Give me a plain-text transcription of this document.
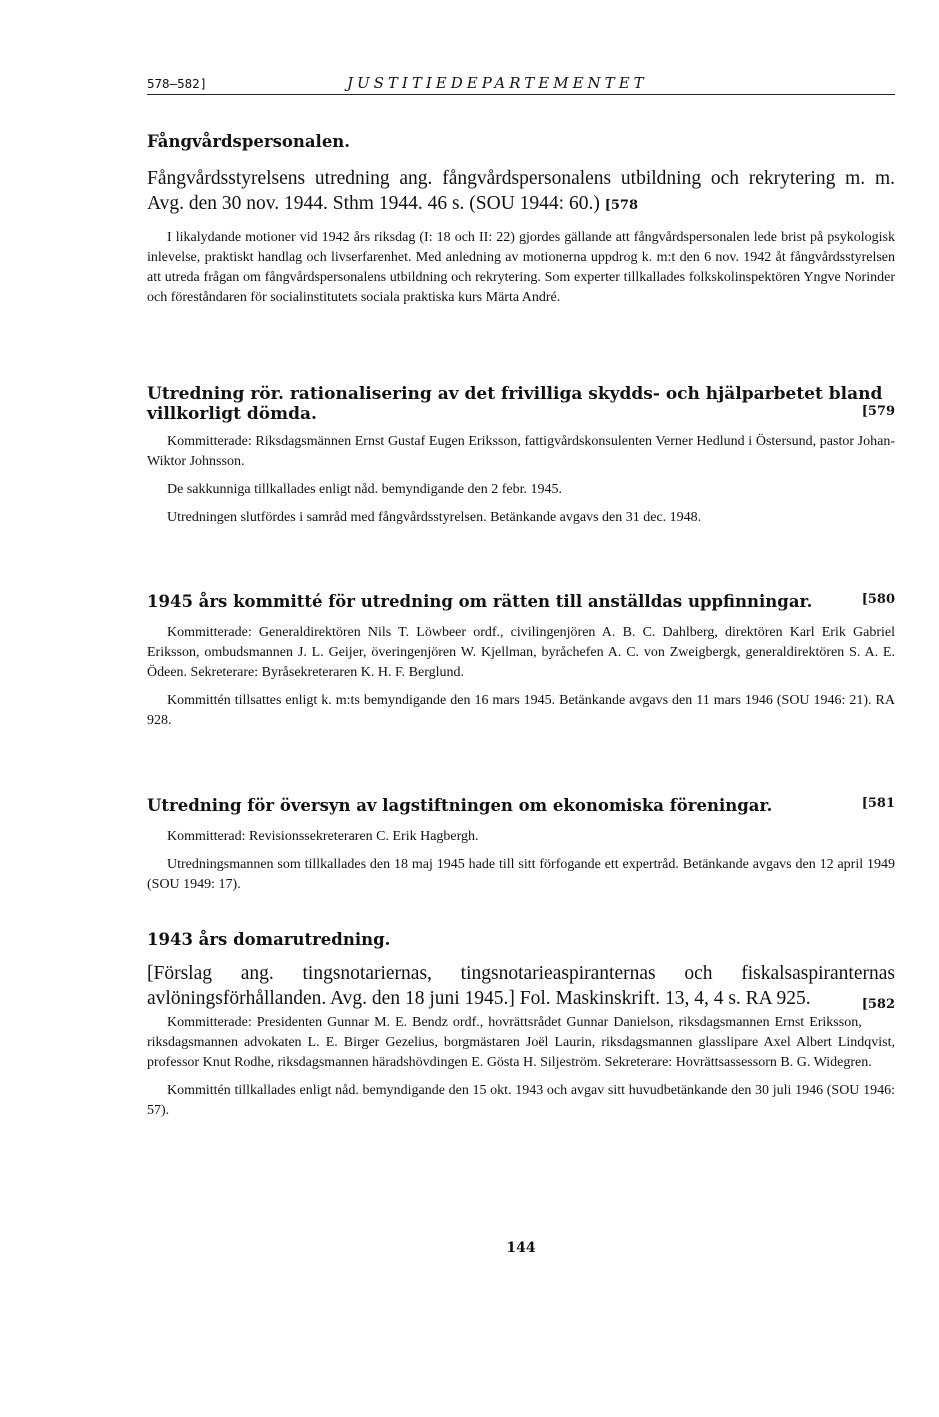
578—582]	JUSTITIEDEPARTEMENTET

Fångvårdspersonalen.

Fångvårdsstyrelsens utredning ang. fångvårdspersonalens utbildning och rekrytering m. m. Avg. den 30 nov. 1944. Sthm 1944. 46 s. (SOU 1944: 60.) [578

I likalydande motioner vid 1942 års riksdag (I: 18 och II: 22) gjordes gällande att fångvårdspersonalen lede brist på psykologisk inlevelse, praktiskt handlag och livserfarenhet. Med anledning av motionerna uppdrog k. m:t den 6 nov. 1942 åt fångvårdsstyrelsen att utreda frågan om fångvårdspersonalens utbildning och rekrytering. Som experter tillkallades folkskolinspektören Yngve Norinder och föreståndaren för socialinstitutets sociala praktiska kurs Märta André.

Utredning rör. rationalisering av det frivilliga skydds- och hjälparbetet bland villkorligt dömda.	[579

Kommitterade: Riksdagsmännen Ernst Gustaf Eugen Eriksson, fattigvårdskonsulenten Verner Hedlund i Östersund, pastor Johan-Wiktor Johnsson.

De sakkunniga tillkallades enligt nåd. bemyndigande den 2 febr. 1945.

Utredningen slutfördes i samråd med fångvårdsstyrelsen. Betänkande avgavs den 31 dec. 1948.

1945 års kommitté för utredning om rätten till anställdas uppfinningar.	[580

Kommitterade: Generaldirektören Nils T. Löwbeer ordf., civilingenjören A. B. C. Dahlberg, direktören Karl Erik Gabriel Eriksson, ombudsmannen J. L. Geijer, överingenjören W. Kjellman, byråchefen A. C. von Zweigbergk, generaldirektören S. A. E. Ödeen. Sekreterare: Byråsekreteraren K. H. F. Berglund.

Kommittén tillsattes enligt k. m:ts bemyndigande den 16 mars 1945. Betänkande avgavs den 11 mars 1946 (SOU 1946: 21). RA 928.

Utredning för översyn av lagstiftningen om ekonomiska föreningar.	[581

Kommitterad: Revisionssekreteraren C. Erik Hagbergh.

Utredningsmannen som tillkallades den 18 maj 1945 hade till sitt förfogande ett expertråd. Betänkande avgavs den 12 april 1949 (SOU 1949: 17).

1943 års domarutredning.

[Förslag ang. tingsnotariernas, tingsnotarieaspiranternas och fiskalsaspiranternas avlöningsförhållanden. Avg. den 18 juni 1945.] Fol. Maskinskrift. 13, 4, 4 s. RA 925.	[582

Kommitterade: Presidenten Gunnar M. E. Bendz ordf., hovrättsrådet Gunnar Danielson, riksdagsmannen Ernst Eriksson, riksdagsmannen advokaten L. E. Birger Gezelius, borgmästaren Joël Laurin, riksdagsmannen glasslipare Axel Albert Lindqvist, professor Knut Rodhe, riksdagsmannen häradshövdingen E. Gösta H. Siljeström. Sekreterare: Hovrättsassessorn B. G. Widegren.

Kommittén tillkallades enligt nåd. bemyndigande den 15 okt. 1943 och avgav sitt huvudbetänkande den 30 juli 1946 (SOU 1946: 57).

144
